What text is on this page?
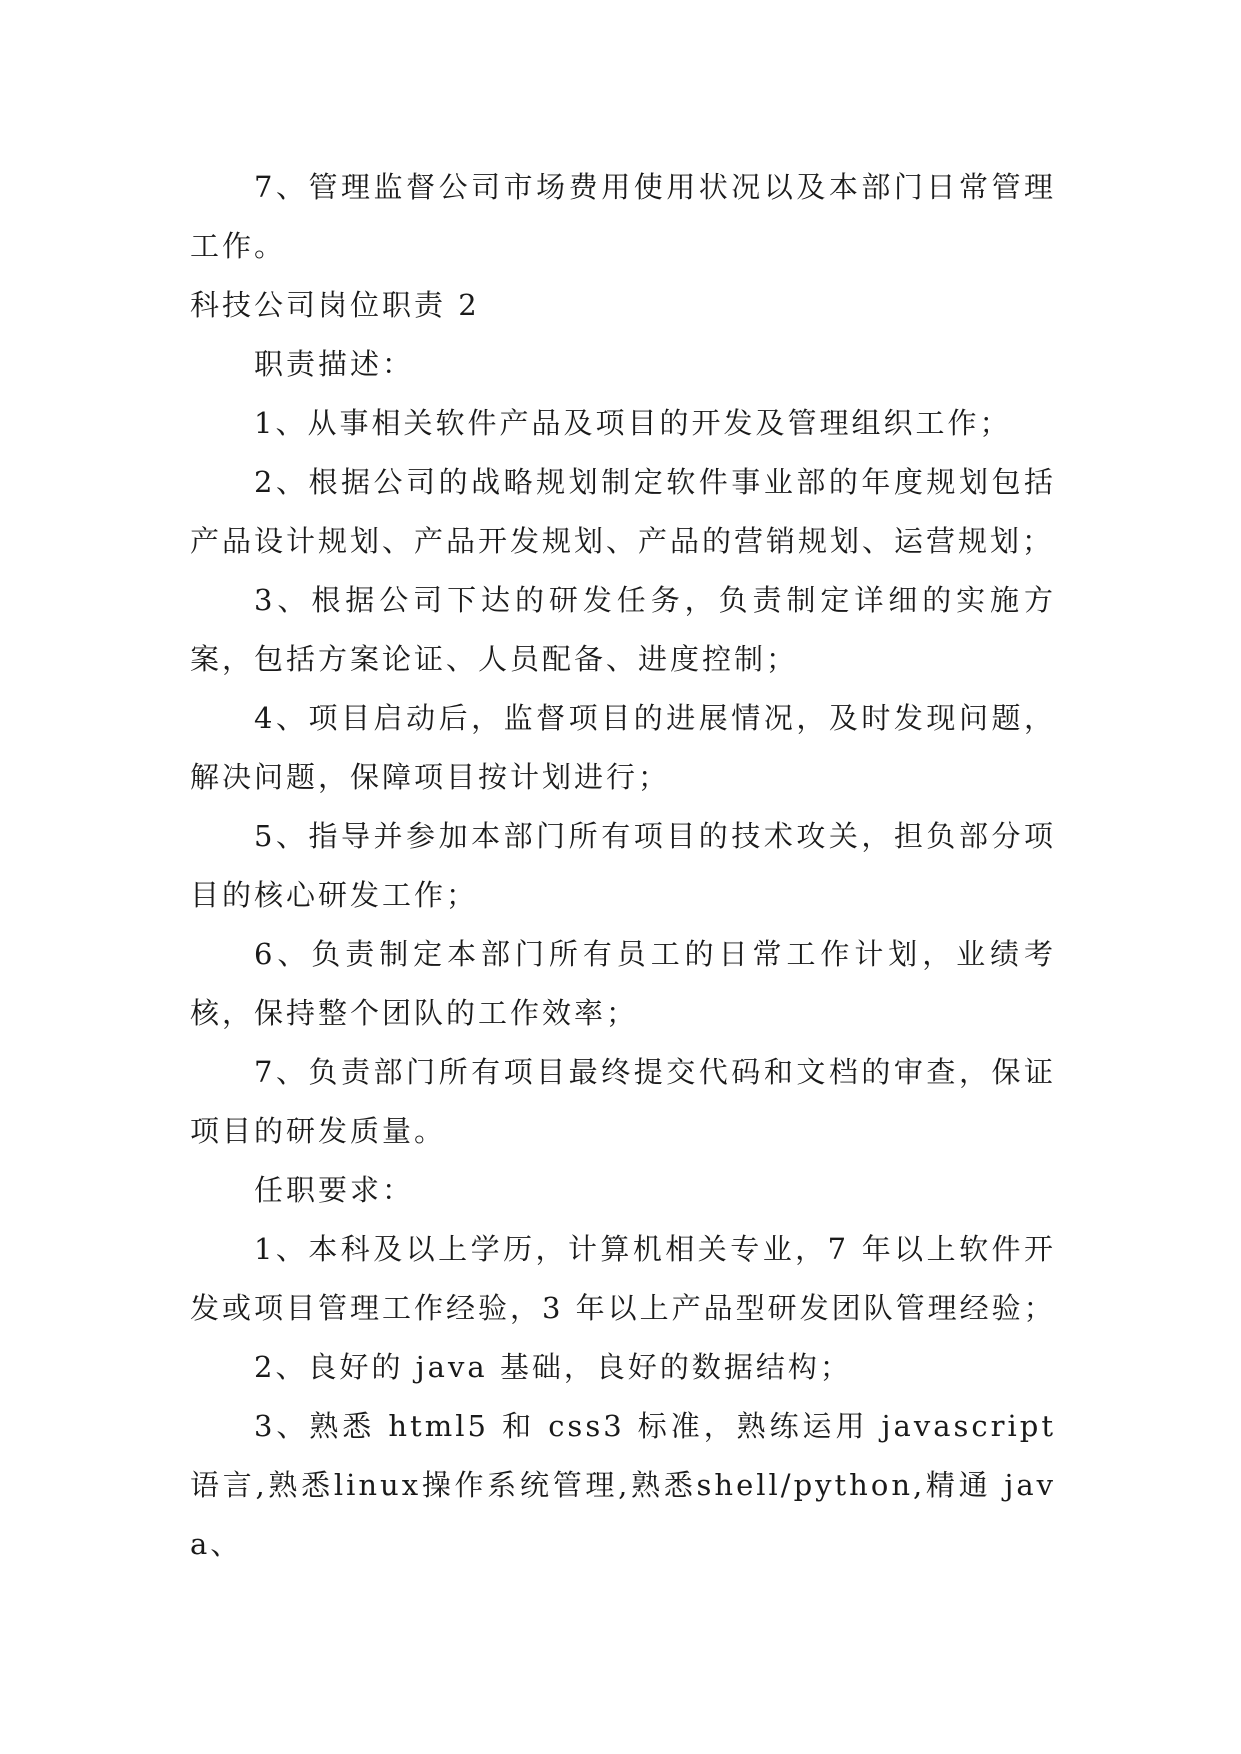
7、管理监督公司市场费用使用状况以及本部门日常管理工作。

科技公司岗位职责 2

职责描述：

1、从事相关软件产品及项目的开发及管理组织工作；

2、根据公司的战略规划制定软件事业部的年度规划包括产品设计规划、产品开发规划、产品的营销规划、运营规划；

3、根据公司下达的研发任务，负责制定详细的实施方案，包括方案论证、人员配备、进度控制；

4、项目启动后，监督项目的进展情况，及时发现问题，解决问题，保障项目按计划进行；

5、指导并参加本部门所有项目的技术攻关，担负部分项目的核心研发工作；

6、负责制定本部门所有员工的日常工作计划，业绩考核，保持整个团队的工作效率；

7、负责部门所有项目最终提交代码和文档的审查，保证项目的研发质量。

任职要求：

1、本科及以上学历，计算机相关专业，7 年以上软件开发或项目管理工作经验，3 年以上产品型研发团队管理经验；

2、良好的 java 基础，良好的数据结构；

3、熟悉 html5 和 css3 标准，熟练运用 javascript 语言,熟悉linux操作系统管理,熟悉shell/python,精通 java、
